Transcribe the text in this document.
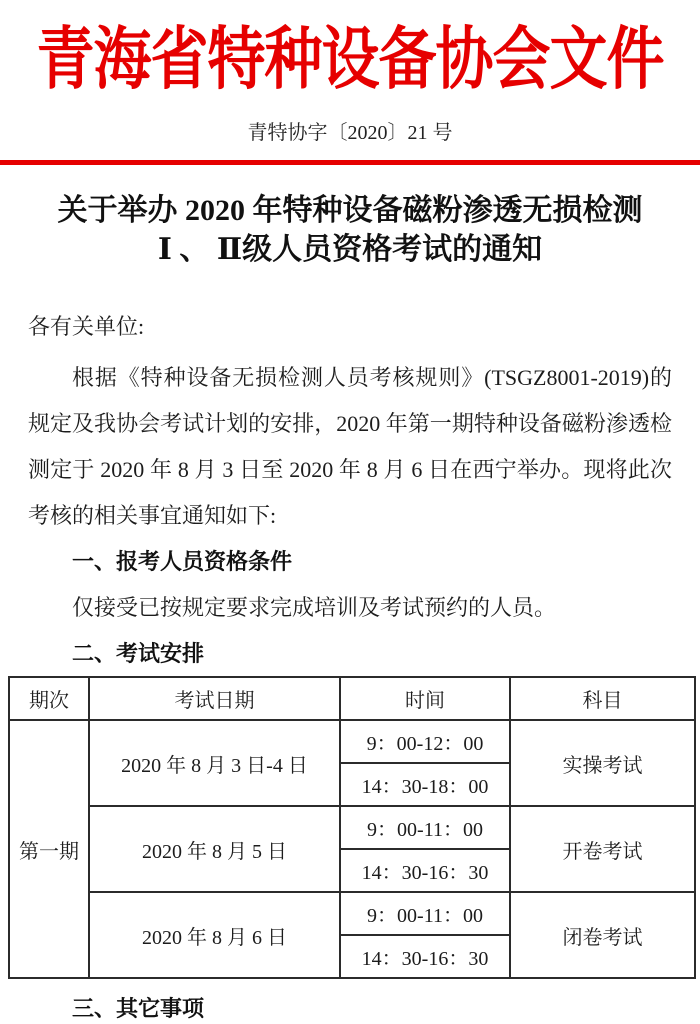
青海省特种设备协会文件
青特协字〔2020〕21 号
关于举办 2020 年特种设备磁粉渗透无损检测
Ⅰ 、 Ⅱ级人员资格考试的通知
各有关单位:
根据《特种设备无损检测人员考核规则》(TSGZ8001-2019)的规定及我协会考试计划的安排，2020 年第一期特种设备磁粉渗透检测定于 2020 年 8 月 3 日至 2020 年 8 月 6 日在西宁举办。现将此次考核的相关事宜通知如下:
一、报考人员资格条件
仅接受已按规定要求完成培训及考试预约的人员。
二、考试安排
期次	考试日期	时间	科目
第一期	2020 年 8 月 3 日-4 日	9：00-12：00	实操考试
		14：30-18：00	
	2020 年 8 月 5 日	9：00-11：00	开卷考试
		14：30-16：30	
	2020 年 8 月 6 日	9：00-11：00	闭卷考试
		14：30-16：30	
三、其它事项
